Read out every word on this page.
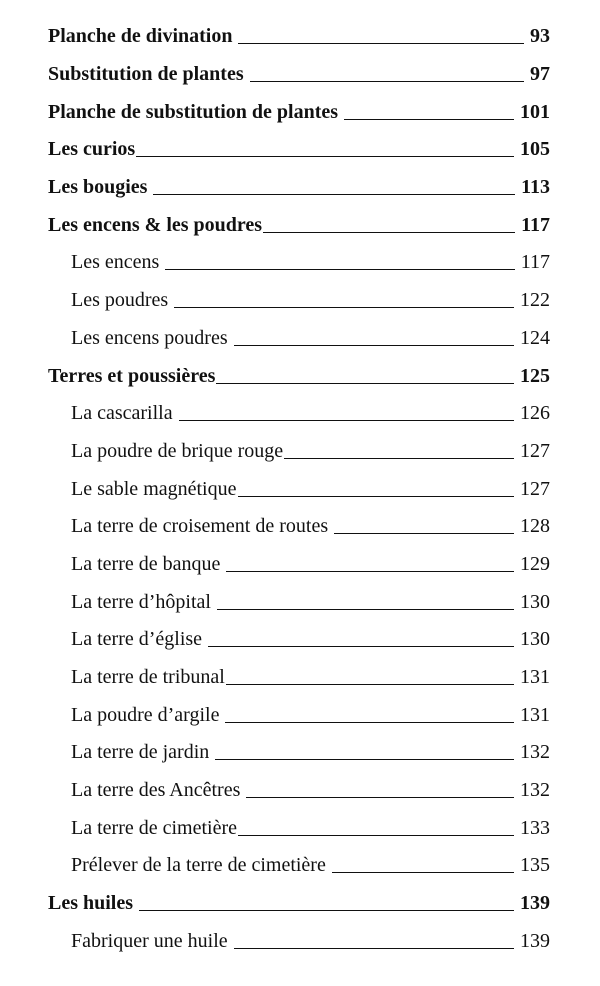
Planche de divination	93
Substitution de plantes	97
Planche de substitution de plantes	101
Les curios	105
Les bougies	113
Les encens & les poudres	117
Les encens	117
Les poudres	122
Les encens poudres	124
Terres et poussières	125
La cascarilla	126
La poudre de brique rouge	127
Le sable magnétique	127
La terre de croisement de routes	128
La terre de banque	129
La terre d’hôpital	130
La terre d’église	130
La terre de tribunal	131
La poudre d’argile	131
La terre de jardin	132
La terre des Ancêtres	132
La terre de cimetière	133
Prélever de la terre de cimetière	135
Les huiles	139
Fabriquer une huile	139
